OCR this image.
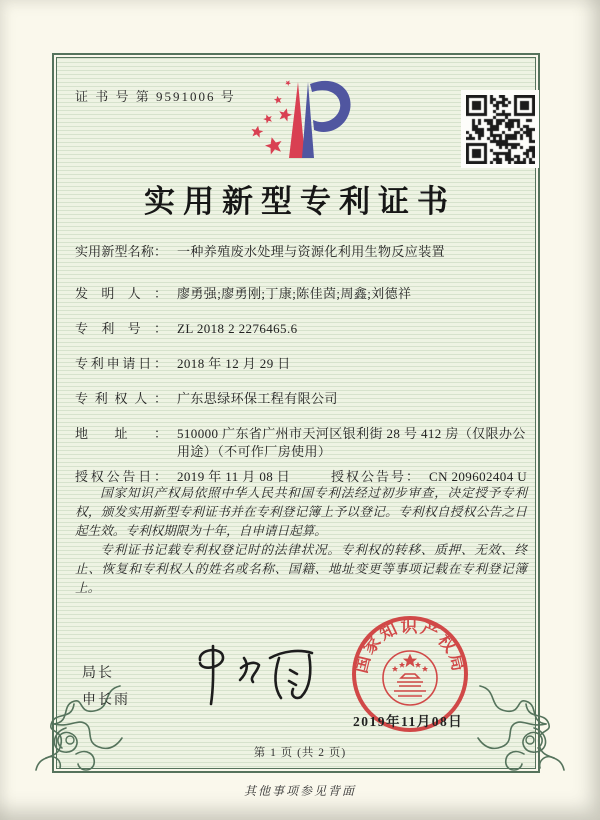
证 书 号 第 9591006 号
实用新型专利证书
实用新型名称： 一种养殖废水处理与资源化利用生物反应装置
发明人： 廖勇强;廖勇刚;丁康;陈佳茵;周鑫;刘德祥
专利号： ZL 2018 2 2276465.6
专利申请日： 2018 年 12 月 29 日
专利权人： 广东思绿环保工程有限公司
地址： 510000 广东省广州市天河区银利街 28 号 412 房（仅限办公用途）（不可作厂房使用）
授权公告日： 2019 年 11 月 08 日	授权公告号： CN 209602404 U

国家知识产权局依照中华人民共和国专利法经过初步审查，决定授予专利权，颁发实用新型专利证书并在专利登记簿上予以登记。专利权自授权公告之日起生效。专利权期限为十年，自申请日起算。

专利证书记载专利权登记时的法律状况。专利权的转移、质押、无效、终止、恢复和专利权人的姓名或名称、国籍、地址变更等事项记载在专利登记簿上。

局长
申长雨
国家知识产权局
2019年11月08日
第 1 页 (共 2 页)
其他事项参见背面
